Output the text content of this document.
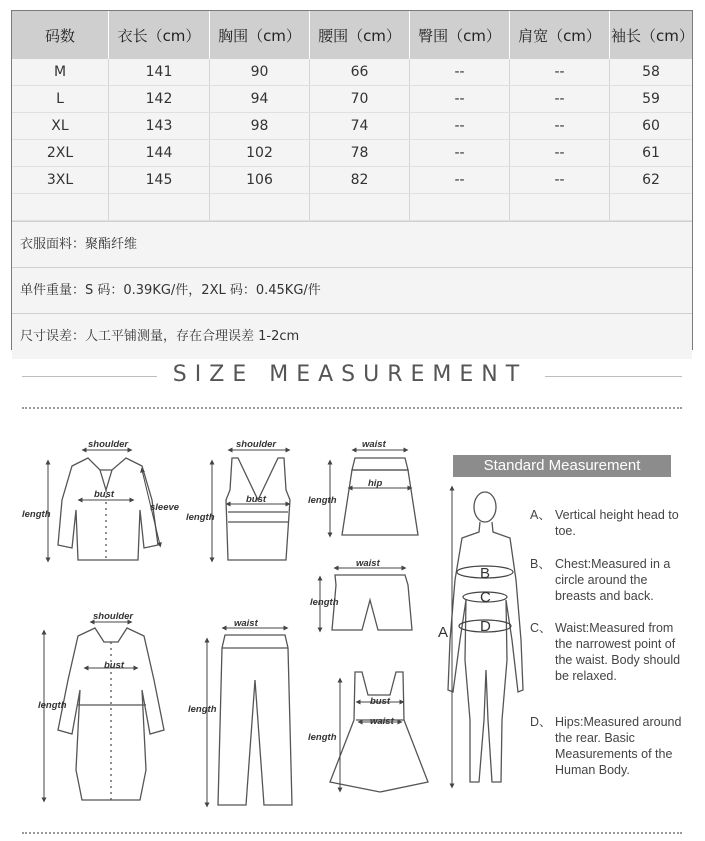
码数	衣长（cm）	胸围（cm）	腰围（cm）	臀围（cm）	肩宽（cm）	袖长（cm）
M	141	90	66	--	--	58
L	142	94	70	--	--	59
XL	143	98	74	--	--	60
2XL	144	102	78	--	--	61
3XL	145	106	82	--	--	62

衣服面料：聚酯纤维
单件重量：S 码：0.39KG/件，2XL 码：0.45KG/件
尺寸误差：人工平铺测量，存在合理误差 1-2cm
SIZE MEASUREMENT
shoulder
bust
length
sleeve
shoulder
bust
length
waist
hip
length
waist
length
shoulder
bust
length
waist
length
bust
waist
length
A
B
C
D
Standard Measurement
A、 Vertical height head to toe.
B、 Chest:Measured in a circle around the breasts and back.
C、 Waist:Measured from the narrowest point of the waist. Body should be relaxed.
D、 Hips:Measured around the rear. Basic Measurements of the Human Body.
